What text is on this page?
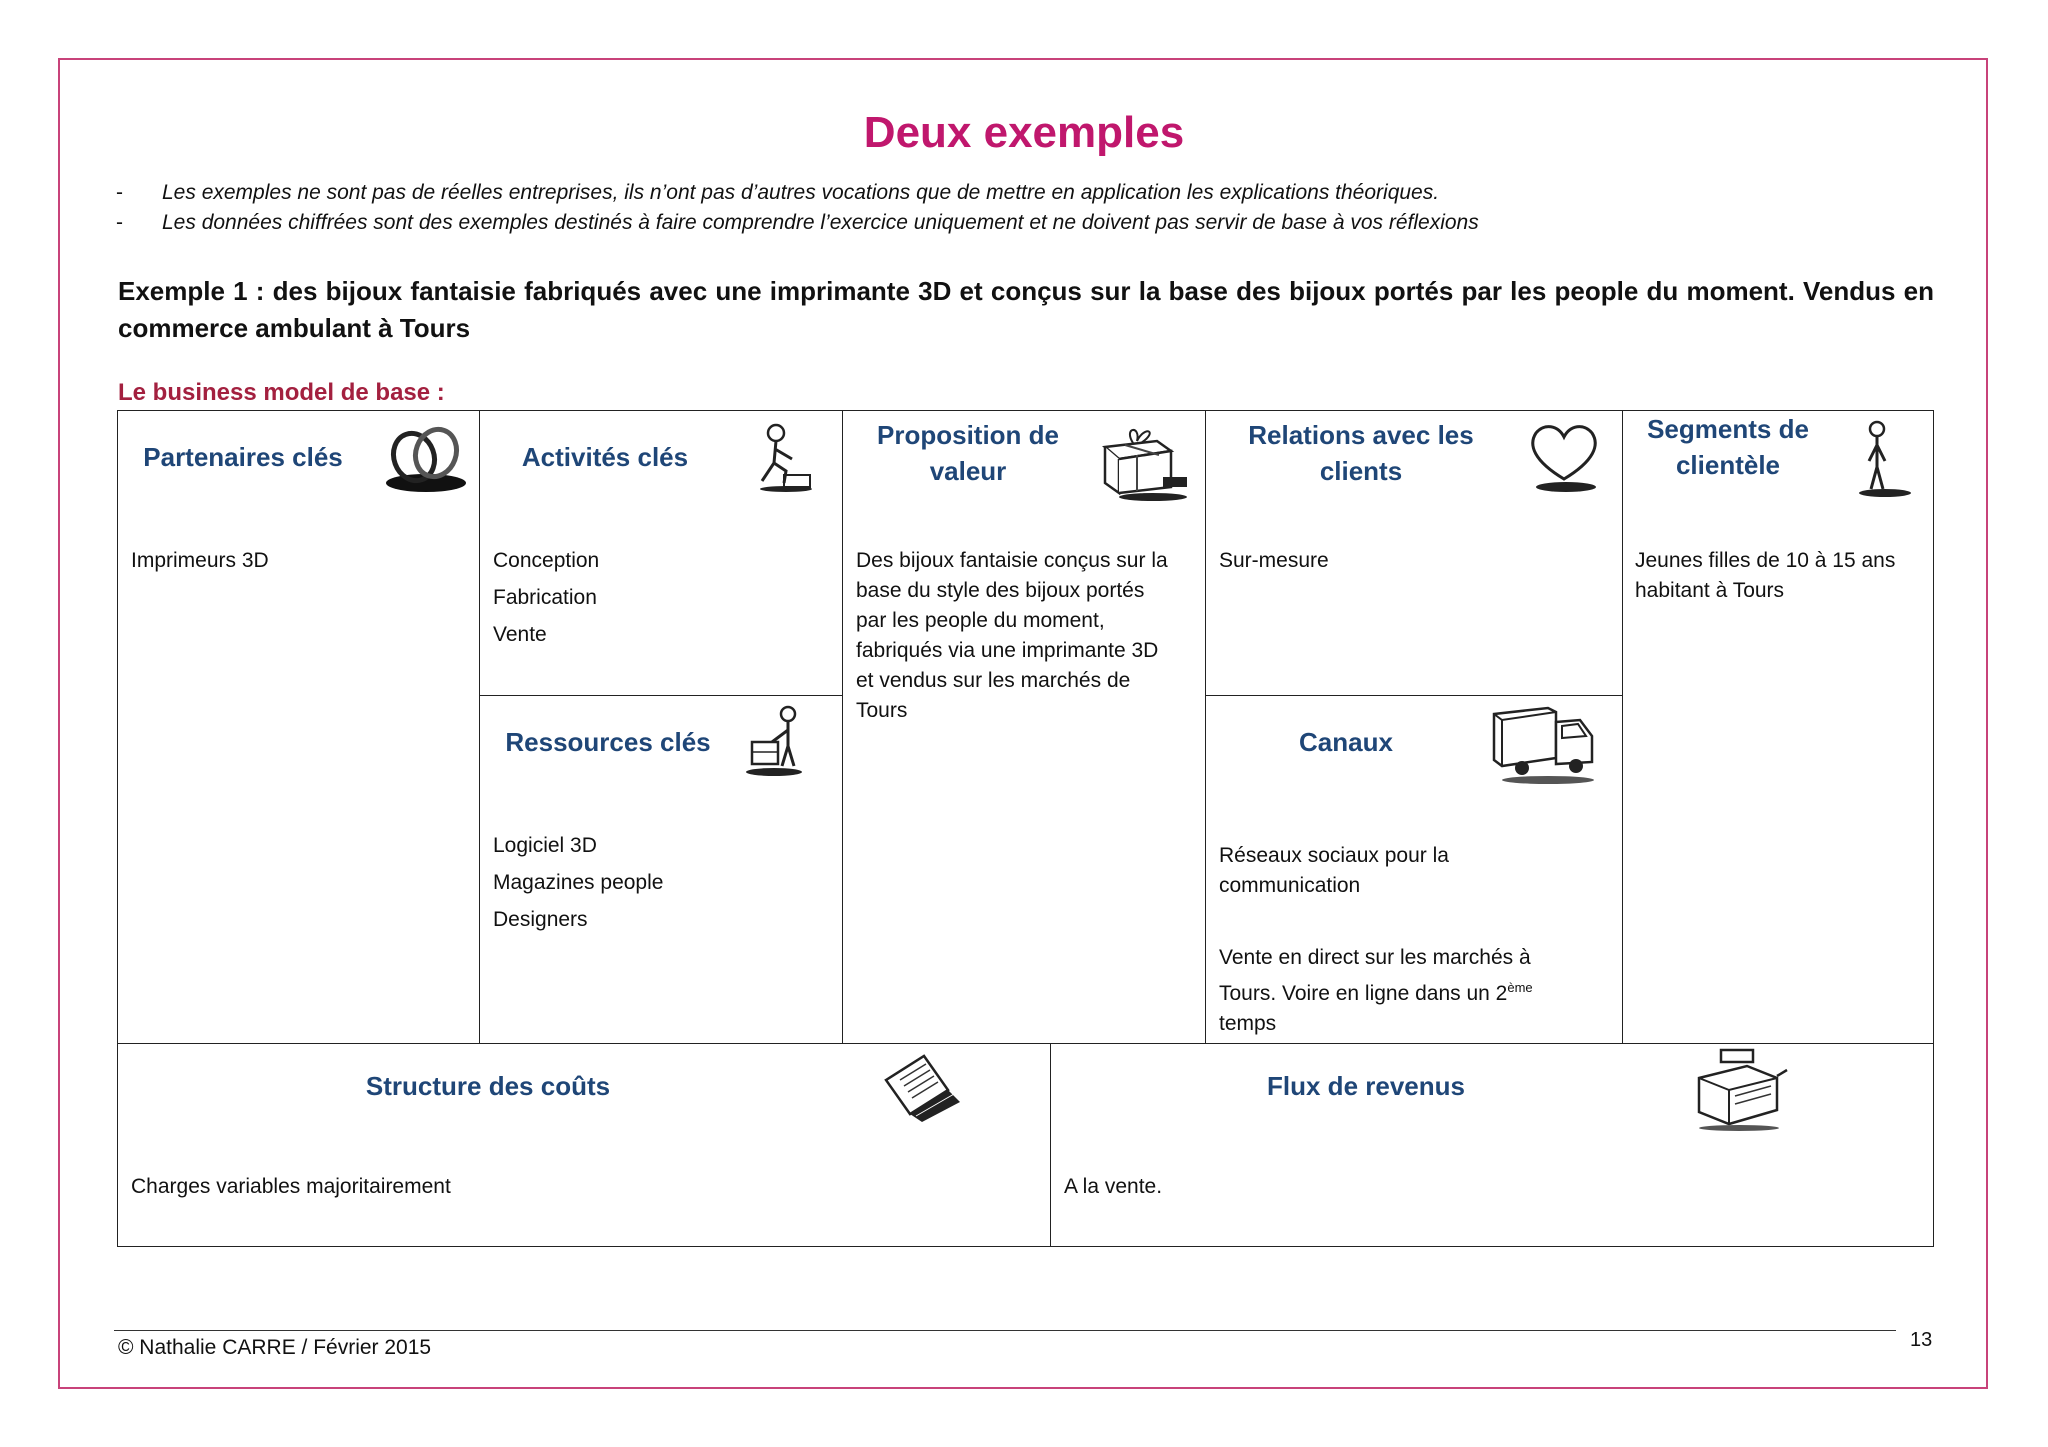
Deux exemples
- Les exemples ne sont pas de réelles entreprises, ils n’ont pas d’autres vocations que de mettre en application les explications théoriques.
- Les données chiffrées sont des exemples destinés à faire comprendre l’exercice uniquement et ne doivent pas servir de base à vos réflexions
Exemple 1 : des bijoux fantaisie fabriqués avec une imprimante 3D et conçus sur la base des bijoux portés par les people du moment. Vendus en commerce ambulant à Tours
Le business model de base :
Partenaires clés
Imprimeurs 3D
Activités clés
Conception
Fabrication
Vente
Ressources clés
Logiciel 3D
Magazines people
Designers
Proposition de valeur
Des bijoux fantaisie conçus sur la
base du style des bijoux portés
par les people du moment,
fabriqués via une imprimante 3D
et vendus sur les marchés de
Tours
Relations avec les clients
Sur-mesure
Canaux
Réseaux sociaux pour la
communication
Vente en direct sur les marchés à
Tours. Voire en ligne dans un 2ème
temps
Segments de clientèle
Jeunes filles de 10 à 15 ans
habitant à Tours
Structure des coûts
Charges variables majoritairement
Flux de revenus
A la vente.
© Nathalie CARRE / Février 2015	13
